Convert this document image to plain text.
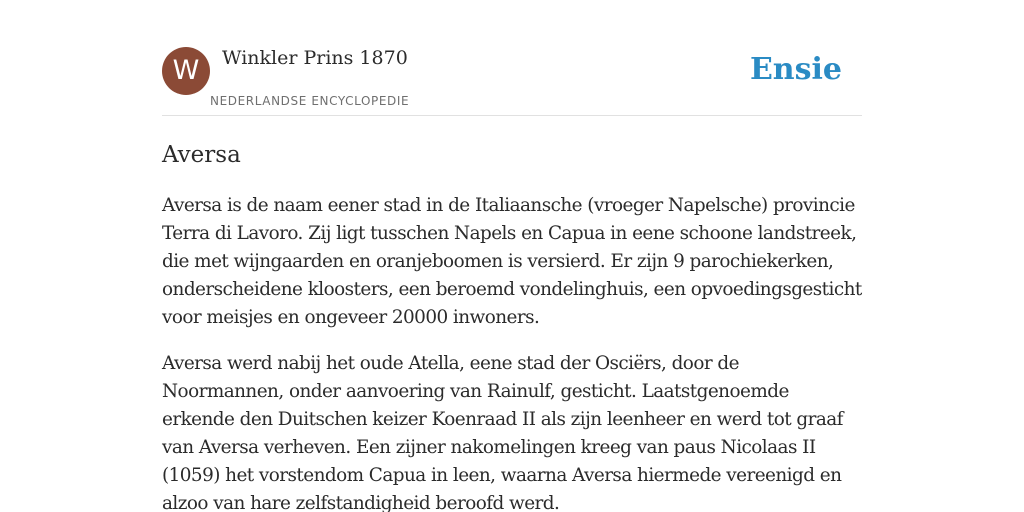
W	Winkler Prins 1870
NEDERLANDSE ENCYCLOPEDIE
Ensie
Aversa

Aversa is de naam eener stad in de Italiaansche (vroeger Napelsche) provincie Terra di Lavoro. Zij ligt tusschen Napels en Capua in eene schoone landstreek, die met wijngaarden en oranjeboomen is versierd. Er zijn 9 parochiekerken, onderscheidene kloosters, een beroemd vondelinghuis, een opvoedingsgesticht voor meisjes en ongeveer 20000 inwoners.

Aversa werd nabij het oude Atella, eene stad der Osciërs, door de Noormannen, onder aanvoering van Rainulf, gesticht. Laatstgenoemde erkende den Duitschen keizer Koenraad II als zijn leenheer en werd tot graaf van Aversa verheven. Een zijner nakomelingen kreeg van paus Nicolaas II (1059) het vorstendom Capua in leen, waarna Aversa hiermede vereenigd en alzoo van hare zelfstandigheid beroofd werd.
